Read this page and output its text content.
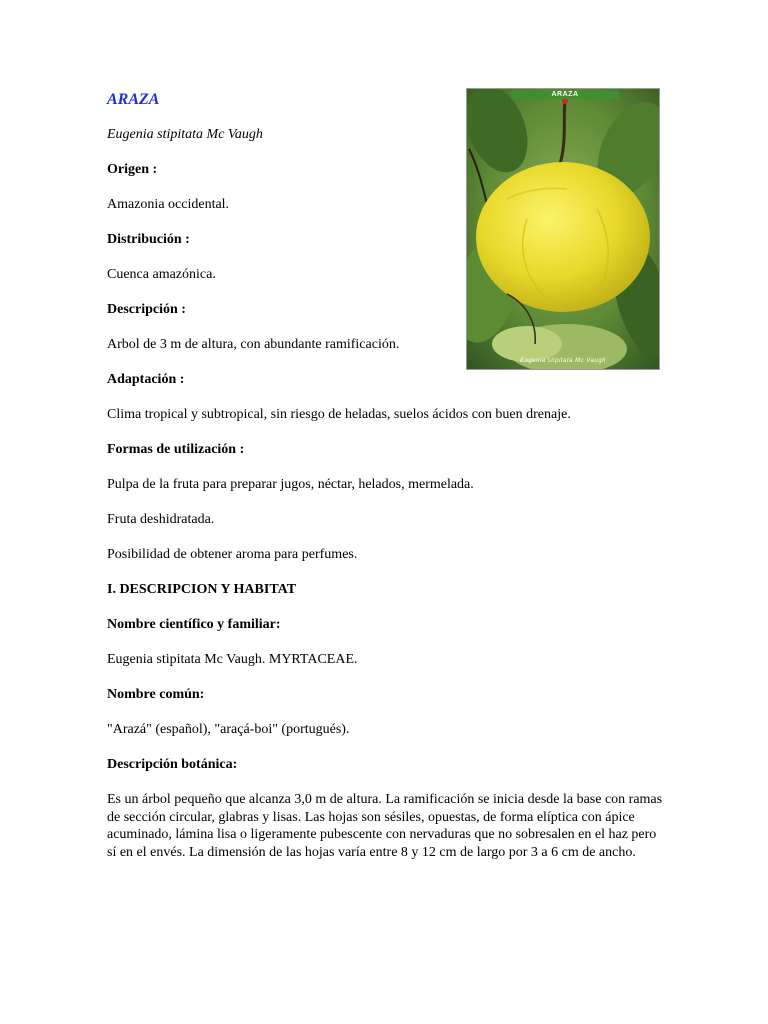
ARAZA

Eugenia stipitata Mc Vaugh

Origen :

Amazonia occidental.

Distribución :

Cuenca amazónica.

Descripción :

Arbol de 3 m de altura, con abundante ramificación.

Adaptación :

Clima tropical y subtropical, sin riesgo de heladas, suelos ácidos con buen drenaje.

Formas de utilización :

Pulpa de la fruta para preparar jugos, néctar, helados, mermelada.

Fruta deshidratada.

Posibilidad de obtener aroma para perfumes.

I. DESCRIPCION Y HABITAT

Nombre científico y familiar:

Eugenia stipitata Mc Vaugh. MYRTACEAE.

Nombre común:

"Arazá" (español), "araçá-boi" (portugués).

Descripción botánica:

Es un árbol pequeño que alcanza 3,0 m de altura. La ramificación se inicia desde la base con ramas de sección circular, glabras y lisas. Las hojas son sésiles, opuestas, de forma elíptica con ápice acuminado, lámina lisa o ligeramente pubescente con nervaduras que no sobresalen en el haz pero sí en el envés. La dimensión de las hojas varía entre 8 y 12 cm de largo por 3 a 6 cm de ancho.

ARAZA
Eugenia stipitata Mc Vaugh
